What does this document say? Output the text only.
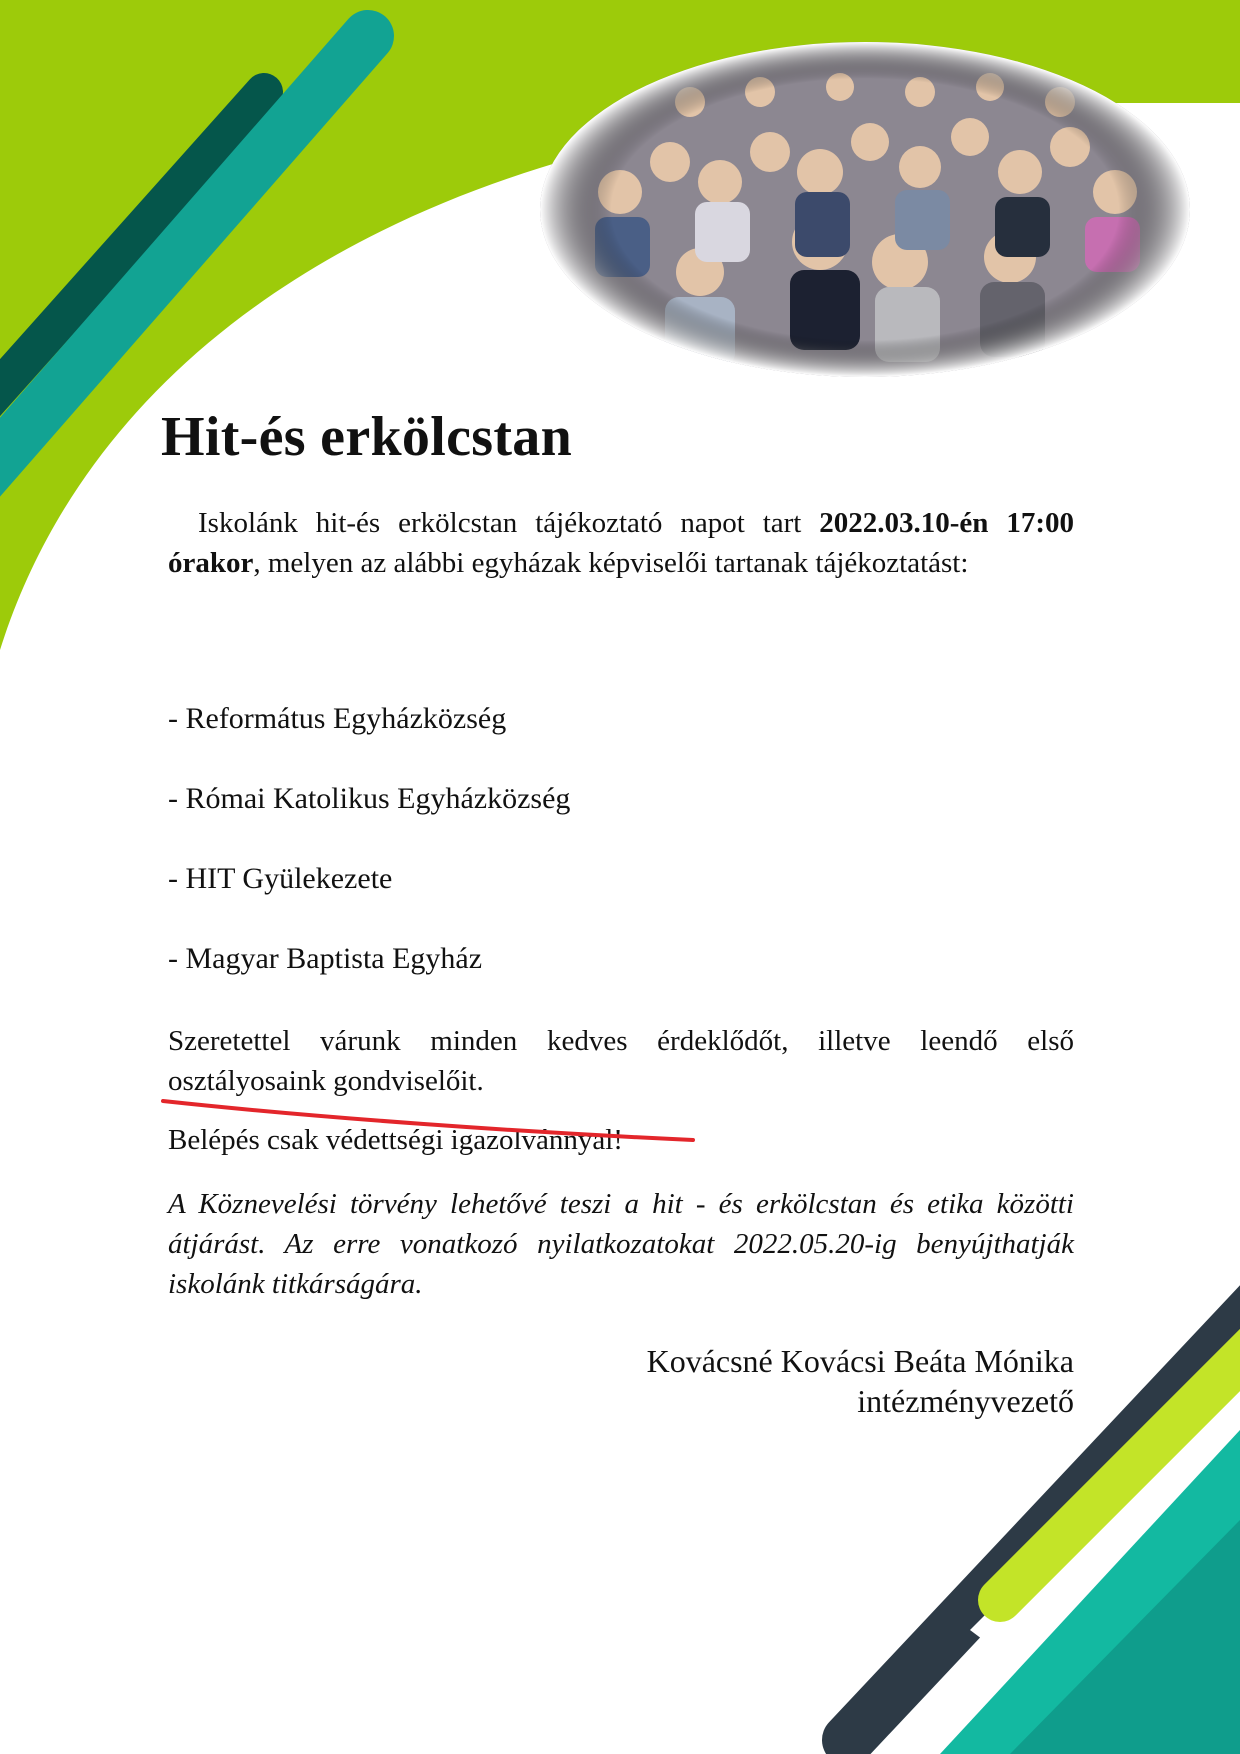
Hit-és erkölcstan

Iskolánk hit-és erkölcstan tájékoztató napot tart 2022.03.10-én 17:00 órakor, melyen az alábbi egyházak képviselői tartanak tájékoztatást:

- Református Egyházközség
- Római Katolikus Egyházközség
- HIT Gyülekezete
- Magyar Baptista Egyház

Szeretettel várunk minden kedves érdeklődőt, illetve leendő első osztályosaink gondviselőit.

Belépés csak védettségi igazolvánnyal!

A Köznevelési törvény lehetővé teszi a hit - és erkölcstan és etika közötti átjárást. Az erre vonatkozó nyilatkozatokat 2022.05.20-ig benyújthatják iskolánk titkárságára.

Kovácsné Kovácsi Beáta Mónika
intézményvezető
